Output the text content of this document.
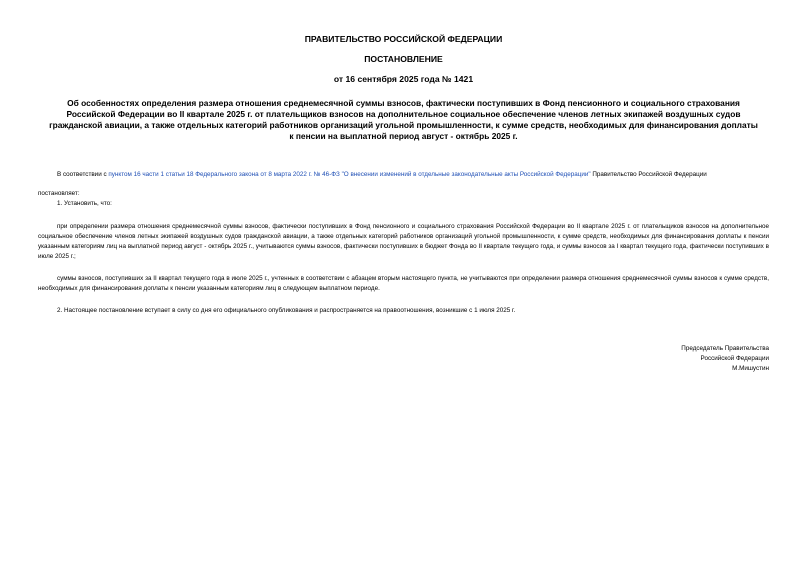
ПРАВИТЕЛЬСТВО РОССИЙСКОЙ ФЕДЕРАЦИИ
ПОСТАНОВЛЕНИЕ
от 16 сентября 2025 года № 1421
Об особенностях определения размера отношения среднемесячной суммы взносов, фактически поступивших в Фонд пенсионного и социального страхования Российской Федерации во II квартале 2025 г. от плательщиков взносов на дополнительное социальное обеспечение членов летных экипажей воздушных судов гражданской авиации, а также отдельных категорий работников организаций угольной промышленности, к сумме средств, необходимых для финансирования доплаты к пенсии на выплатной период август - октябрь 2025 г.
В соответствии с пунктом 16 части 1 статьи 18 Федерального закона от 8 марта 2022 г. № 46-ФЗ "О внесении изменений в отдельные законодательные акты Российской Федерации" Правительство Российской Федерации
постановляет:
1. Установить, что:
при определении размера отношения среднемесячной суммы взносов, фактически поступивших в Фонд пенсионного и социального страхования Российской Федерации во II квартале 2025 г. от плательщиков взносов на дополнительное социальное обеспечение членов летных экипажей воздушных судов гражданской авиации, а также отдельных категорий работников организаций угольной промышленности, к сумме средств, необходимых для финансирования доплаты к пенсии указанным категориям лиц на выплатной период август - октябрь 2025 г., учитываются суммы взносов, фактически поступивших в бюджет Фонда во II квартале текущего года, и суммы взносов за I квартал текущего года, фактически поступивших в июле 2025 г.;
суммы взносов, поступивших за II квартал текущего года в июле 2025 г., учтенных в соответствии с абзацем вторым настоящего пункта, не учитываются при определении размера отношения среднемесячной суммы взносов к сумме средств, необходимых для финансирования доплаты к пенсии указанным категориям лиц в следующем выплатном периоде.
2. Настоящее постановление вступает в силу со дня его официального опубликования и распространяется на правоотношения, возникшие с 1 июля 2025 г.
Председатель Правительства
Российской Федерации
М.Мишустин
